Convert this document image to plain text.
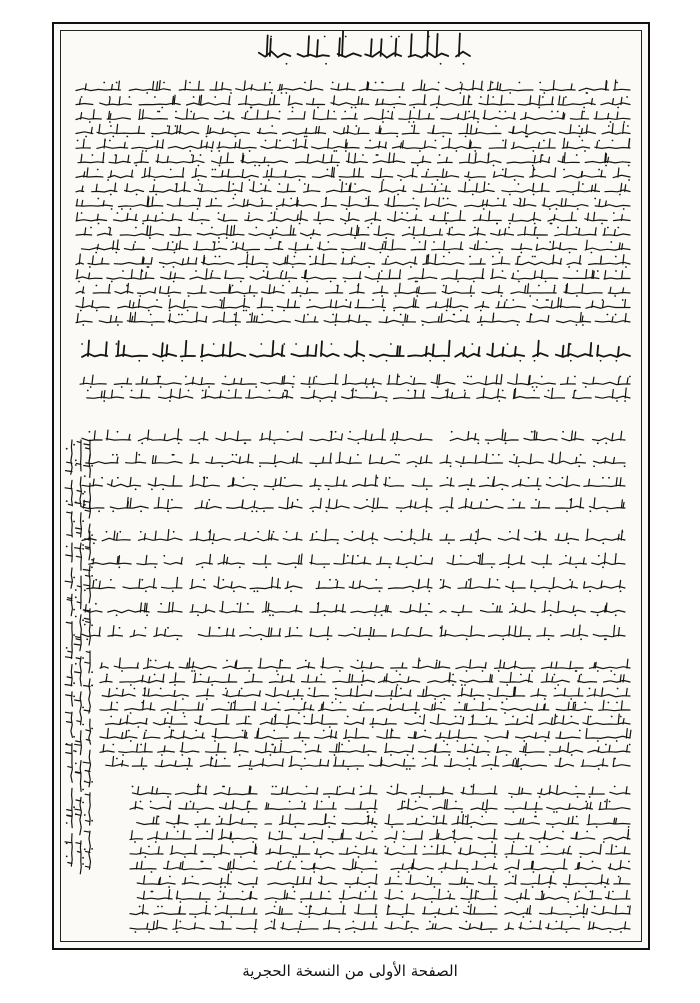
الصفحة الأولى من النسخة الحجرية
